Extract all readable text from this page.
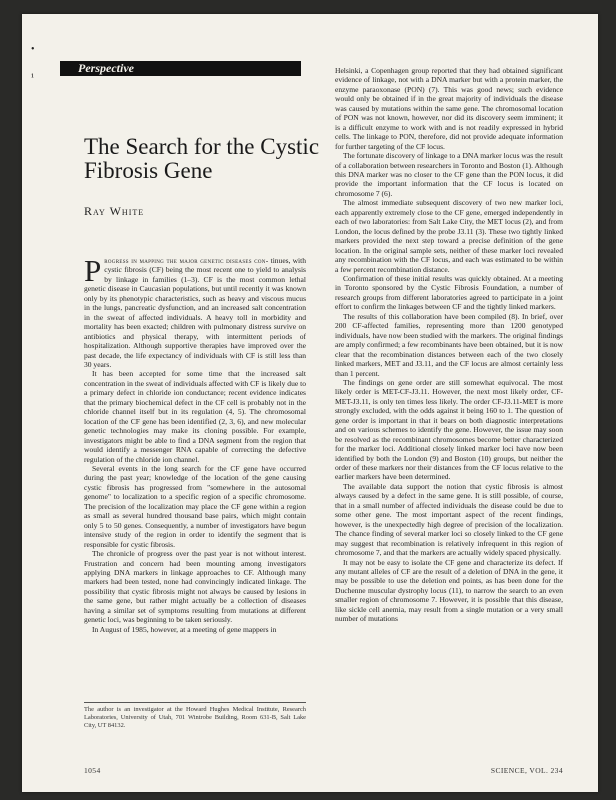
•
¹
Perspective
The Search for the Cystic Fibrosis Gene
Ray White

Progress in mapping the major genetic diseases con- tinues, with cystic fibrosis (CF) being the most recent one to yield to analysis by linkage in families (1–3). CF is the most common lethal genetic disease in Caucasian populations, but until recently it was known only by its phenotypic characteristics, such as heavy and viscous mucus in the lungs, pancreatic dysfunction, and an increased salt concentration in the sweat of affected individuals. A heavy toll in morbidity and mortality has been exacted; children with pulmonary distress survive on antibiotics and physical therapy, with intermittent periods of hospitalization. Although supportive therapies have improved over the past decade, the life expectancy of individuals with CF is still less than 30 years.

It has been accepted for some time that the increased salt concentration in the sweat of individuals affected with CF is likely due to a primary defect in chloride ion conductance; recent evidence indicates that the primary biochemical defect in the CF cell is probably not in the chloride channel itself but in its regulation (4, 5). The chromosomal location of the CF gene has been identified (2, 3, 6), and new molecular genetic technologies may make its cloning possible. For example, investigators might be able to find a DNA segment from the region that would identify a messenger RNA capable of correcting the defective regulation of the chloride ion channel.

Several events in the long search for the CF gene have occurred during the past year; knowledge of the location of the gene causing cystic fibrosis has progressed from "somewhere in the autosomal genome" to localization to a specific region of a specific chromosome. The precision of the localization may place the CF gene within a region as small as several hundred thousand base pairs, which might contain only 5 to 50 genes. Consequently, a number of investigators have begun intensive study of the region in order to identify the segment that is responsible for cystic fibrosis.

The chronicle of progress over the past year is not without interest. Frustration and concern had been mounting among investigators applying DNA markers in linkage approaches to CF. Although many markers had been tested, none had convincingly indicated linkage. The possibility that cystic fibrosis might not always be caused by lesions in the same gene, but rather might actually be a collection of diseases having a similar set of symptoms resulting from mutations at different genetic loci, was beginning to be taken seriously.

In August of 1985, however, at a meeting of gene mappers in

The author is an investigator at the Howard Hughes Medical Institute, Research Laboratories, University of Utah, 701 Wintrobe Building, Room 631-B, Salt Lake City, UT 84132.

Helsinki, a Copenhagen group reported that they had obtained significant evidence of linkage, not with a DNA marker but with a protein marker, the enzyme paraoxonase (PON) (7). This was good news; such evidence would only be obtained if in the great majority of individuals the disease was caused by mutations within the same gene. The chromosomal location of PON was not known, however, nor did its discovery seem imminent; it is a difficult enzyme to work with and is not readily expressed in hybrid cells. The linkage to PON, therefore, did not provide adequate information for further targeting of the CF locus.

The fortunate discovery of linkage to a DNA marker locus was the result of a collaboration between researchers in Toronto and Boston (1). Although this DNA marker was no closer to the CF gene than the PON locus, it did provide the important information that the CF locus is located on chromosome 7 (6).

The almost immediate subsequent discovery of two new marker loci, each apparently extremely close to the CF gene, emerged independently in each of two laboratories: from Salt Lake City, the MET locus (2), and from London, the locus defined by the probe J3.11 (3). These two tightly linked markers provided the next step toward a precise definition of the gene location. In the original sample sets, neither of these marker loci revealed any recombination with the CF locus, and each was estimated to be within a few percent recombination distance.

Confirmation of these initial results was quickly obtained. At a meeting in Toronto sponsored by the Cystic Fibrosis Foundation, a number of research groups from different laboratories agreed to participate in a joint effort to confirm the linkages between CF and the tightly linked markers.

The results of this collaboration have been compiled (8). In brief, over 200 CF-affected families, representing more than 1200 genotyped individuals, have now been studied with the markers. The original findings are amply confirmed; a few recombinants have been obtained, but it is now clear that the recombination distances between each of the two closely linked markers, MET and J3.11, and the CF locus are almost certainly less than 1 percent.

The findings on gene order are still somewhat equivocal. The most likely order is MET-CF-J3.11. However, the next most likely order, CF-MET-J3.11, is only ten times less likely. The order CF-J3.11-MET is more strongly excluded, with the odds against it being 160 to 1. The question of gene order is important in that it bears on both diagnostic interpretations and on various schemes to identify the gene. However, the issue may soon be resolved as the recombinant chromosomes become better characterized for the marker loci. Additional closely linked marker loci have now been identified by both the London (9) and Boston (10) groups, but neither the order of these markers nor their distances from the CF locus relative to the earlier markers have been determined.

The available data support the notion that cystic fibrosis is almost always caused by a defect in the same gene. It is still possible, of course, that in a small number of affected individuals the disease could be due to some other gene. The most important aspect of the recent findings, however, is the unexpectedly high degree of precision of the localization. The chance finding of several marker loci so closely linked to the CF gene may suggest that recombination is relatively infrequent in this region of chromosome 7, and that the markers are actually widely spaced physically.

It may not be easy to isolate the CF gene and characterize its defect. If any mutant alleles of CF are the result of a deletion of DNA in the gene, it may be possible to use the deletion end points, as has been done for the Duchenne muscular dystrophy locus (11), to narrow the search to an even smaller region of chromosome 7. However, it is possible that this disease, like sickle cell anemia, may result from a single mutation or a very small number of mutations

1054	SCIENCE, VOL. 234
